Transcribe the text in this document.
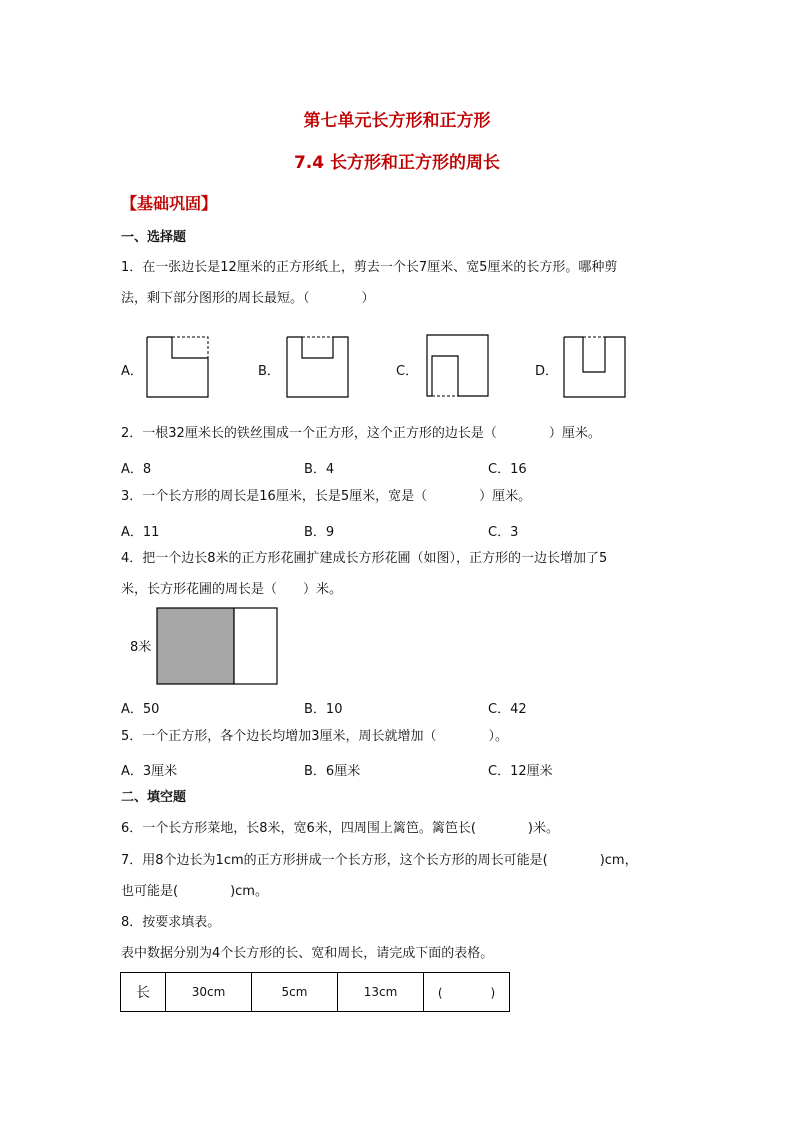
第七单元长方形和正方形
7.4 长方形和正方形的周长
【基础巩固】
一、选择题
1．在一张边长是12厘米的正方形纸上，剪去一个长7厘米、宽5厘米的长方形。哪种剪
法，剩下部分图形的周长最短。（　　　　）
A．	B．	C．	D．
2．一根32厘米长的铁丝围成一个正方形，这个正方形的边长是（　　　　）厘米。
A．8	B．4	C．16
3．一个长方形的周长是16厘米，长是5厘米，宽是（　　　　）厘米。
A．11	B．9	C．3
4．把一个边长8米的正方形花圃扩建成长方形花圃（如图），正方形的一边长增加了5
米，长方形花圃的周长是（　　）米。
8米
A．50	B．10	C．42
5．一个正方形，各个边长均增加3厘米，周长就增加（　　　　）。
A．3厘米	B．6厘米	C．12厘米
二、填空题
6．一个长方形菜地，长8米，宽6米，四周围上篱笆。篱笆长(　　　　)米。
7．用8个边长为1cm的正方形拼成一个长方形，这个长方形的周长可能是(　　　　)cm，
也可能是(　　　　)cm。
8．按要求填表。
表中数据分别为4个长方形的长、宽和周长，请完成下面的表格。
长	30cm	5cm	13cm	(　　　　)
